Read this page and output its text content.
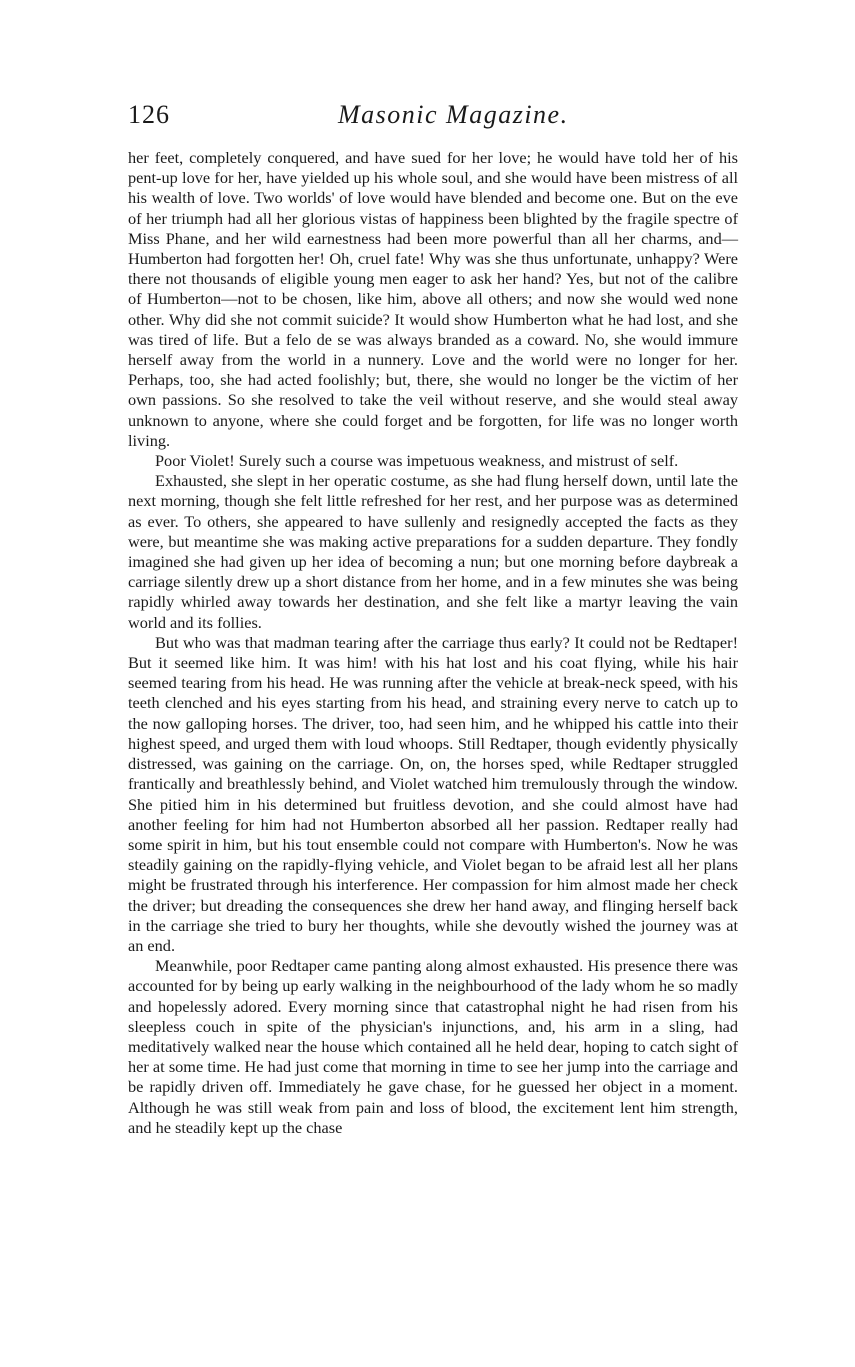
126	Masonic Magazine.

her feet, completely conquered, and have sued for her love; he would have told her of his pent-up love for her, have yielded up his whole soul, and she would have been mistress of all his wealth of love. Two worlds' of love would have blended and become one. But on the eve of her triumph had all her glorious vistas of happiness been blighted by the fragile spectre of Miss Phane, and her wild earnestness had been more powerful than all her charms, and—Humberton had forgotten her! Oh, cruel fate! Why was she thus unfortunate, unhappy? Were there not thousands of eligible young men eager to ask her hand? Yes, but not of the calibre of Humberton—not to be chosen, like him, above all others; and now she would wed none other. Why did she not commit suicide? It would show Humberton what he had lost, and she was tired of life. But a felo de se was always branded as a coward. No, she would immure herself away from the world in a nunnery. Love and the world were no longer for her. Perhaps, too, she had acted foolishly; but, there, she would no longer be the victim of her own passions. So she resolved to take the veil without reserve, and she would steal away unknown to anyone, where she could forget and be forgotten, for life was no longer worth living.

Poor Violet! Surely such a course was impetuous weakness, and mistrust of self.

Exhausted, she slept in her operatic costume, as she had flung herself down, until late the next morning, though she felt little refreshed for her rest, and her purpose was as determined as ever. To others, she appeared to have sullenly and resignedly accepted the facts as they were, but meantime she was making active preparations for a sudden departure. They fondly imagined she had given up her idea of becoming a nun; but one morning before daybreak a carriage silently drew up a short distance from her home, and in a few minutes she was being rapidly whirled away towards her destination, and she felt like a martyr leaving the vain world and its follies.

But who was that madman tearing after the carriage thus early? It could not be Redtaper! But it seemed like him. It was him! with his hat lost and his coat flying, while his hair seemed tearing from his head. He was running after the vehicle at break-neck speed, with his teeth clenched and his eyes starting from his head, and straining every nerve to catch up to the now galloping horses. The driver, too, had seen him, and he whipped his cattle into their highest speed, and urged them with loud whoops. Still Redtaper, though evidently physically distressed, was gaining on the carriage. On, on, the horses sped, while Redtaper struggled frantically and breathlessly behind, and Violet watched him tremulously through the window. She pitied him in his determined but fruitless devotion, and she could almost have had another feeling for him had not Humberton absorbed all her passion. Redtaper really had some spirit in him, but his tout ensemble could not compare with Humberton's. Now he was steadily gaining on the rapidly-flying vehicle, and Violet began to be afraid lest all her plans might be frustrated through his interference. Her compassion for him almost made her check the driver; but dreading the consequences she drew her hand away, and flinging herself back in the carriage she tried to bury her thoughts, while she devoutly wished the journey was at an end.

Meanwhile, poor Redtaper came panting along almost exhausted. His presence there was accounted for by being up early walking in the neighbourhood of the lady whom he so madly and hopelessly adored. Every morning since that catastrophal night he had risen from his sleepless couch in spite of the physician's injunctions, and, his arm in a sling, had meditatively walked near the house which contained all he held dear, hoping to catch sight of her at some time. He had just come that morning in time to see her jump into the carriage and be rapidly driven off. Immediately he gave chase, for he guessed her object in a moment. Although he was still weak from pain and loss of blood, the excitement lent him strength, and he steadily kept up the chase
